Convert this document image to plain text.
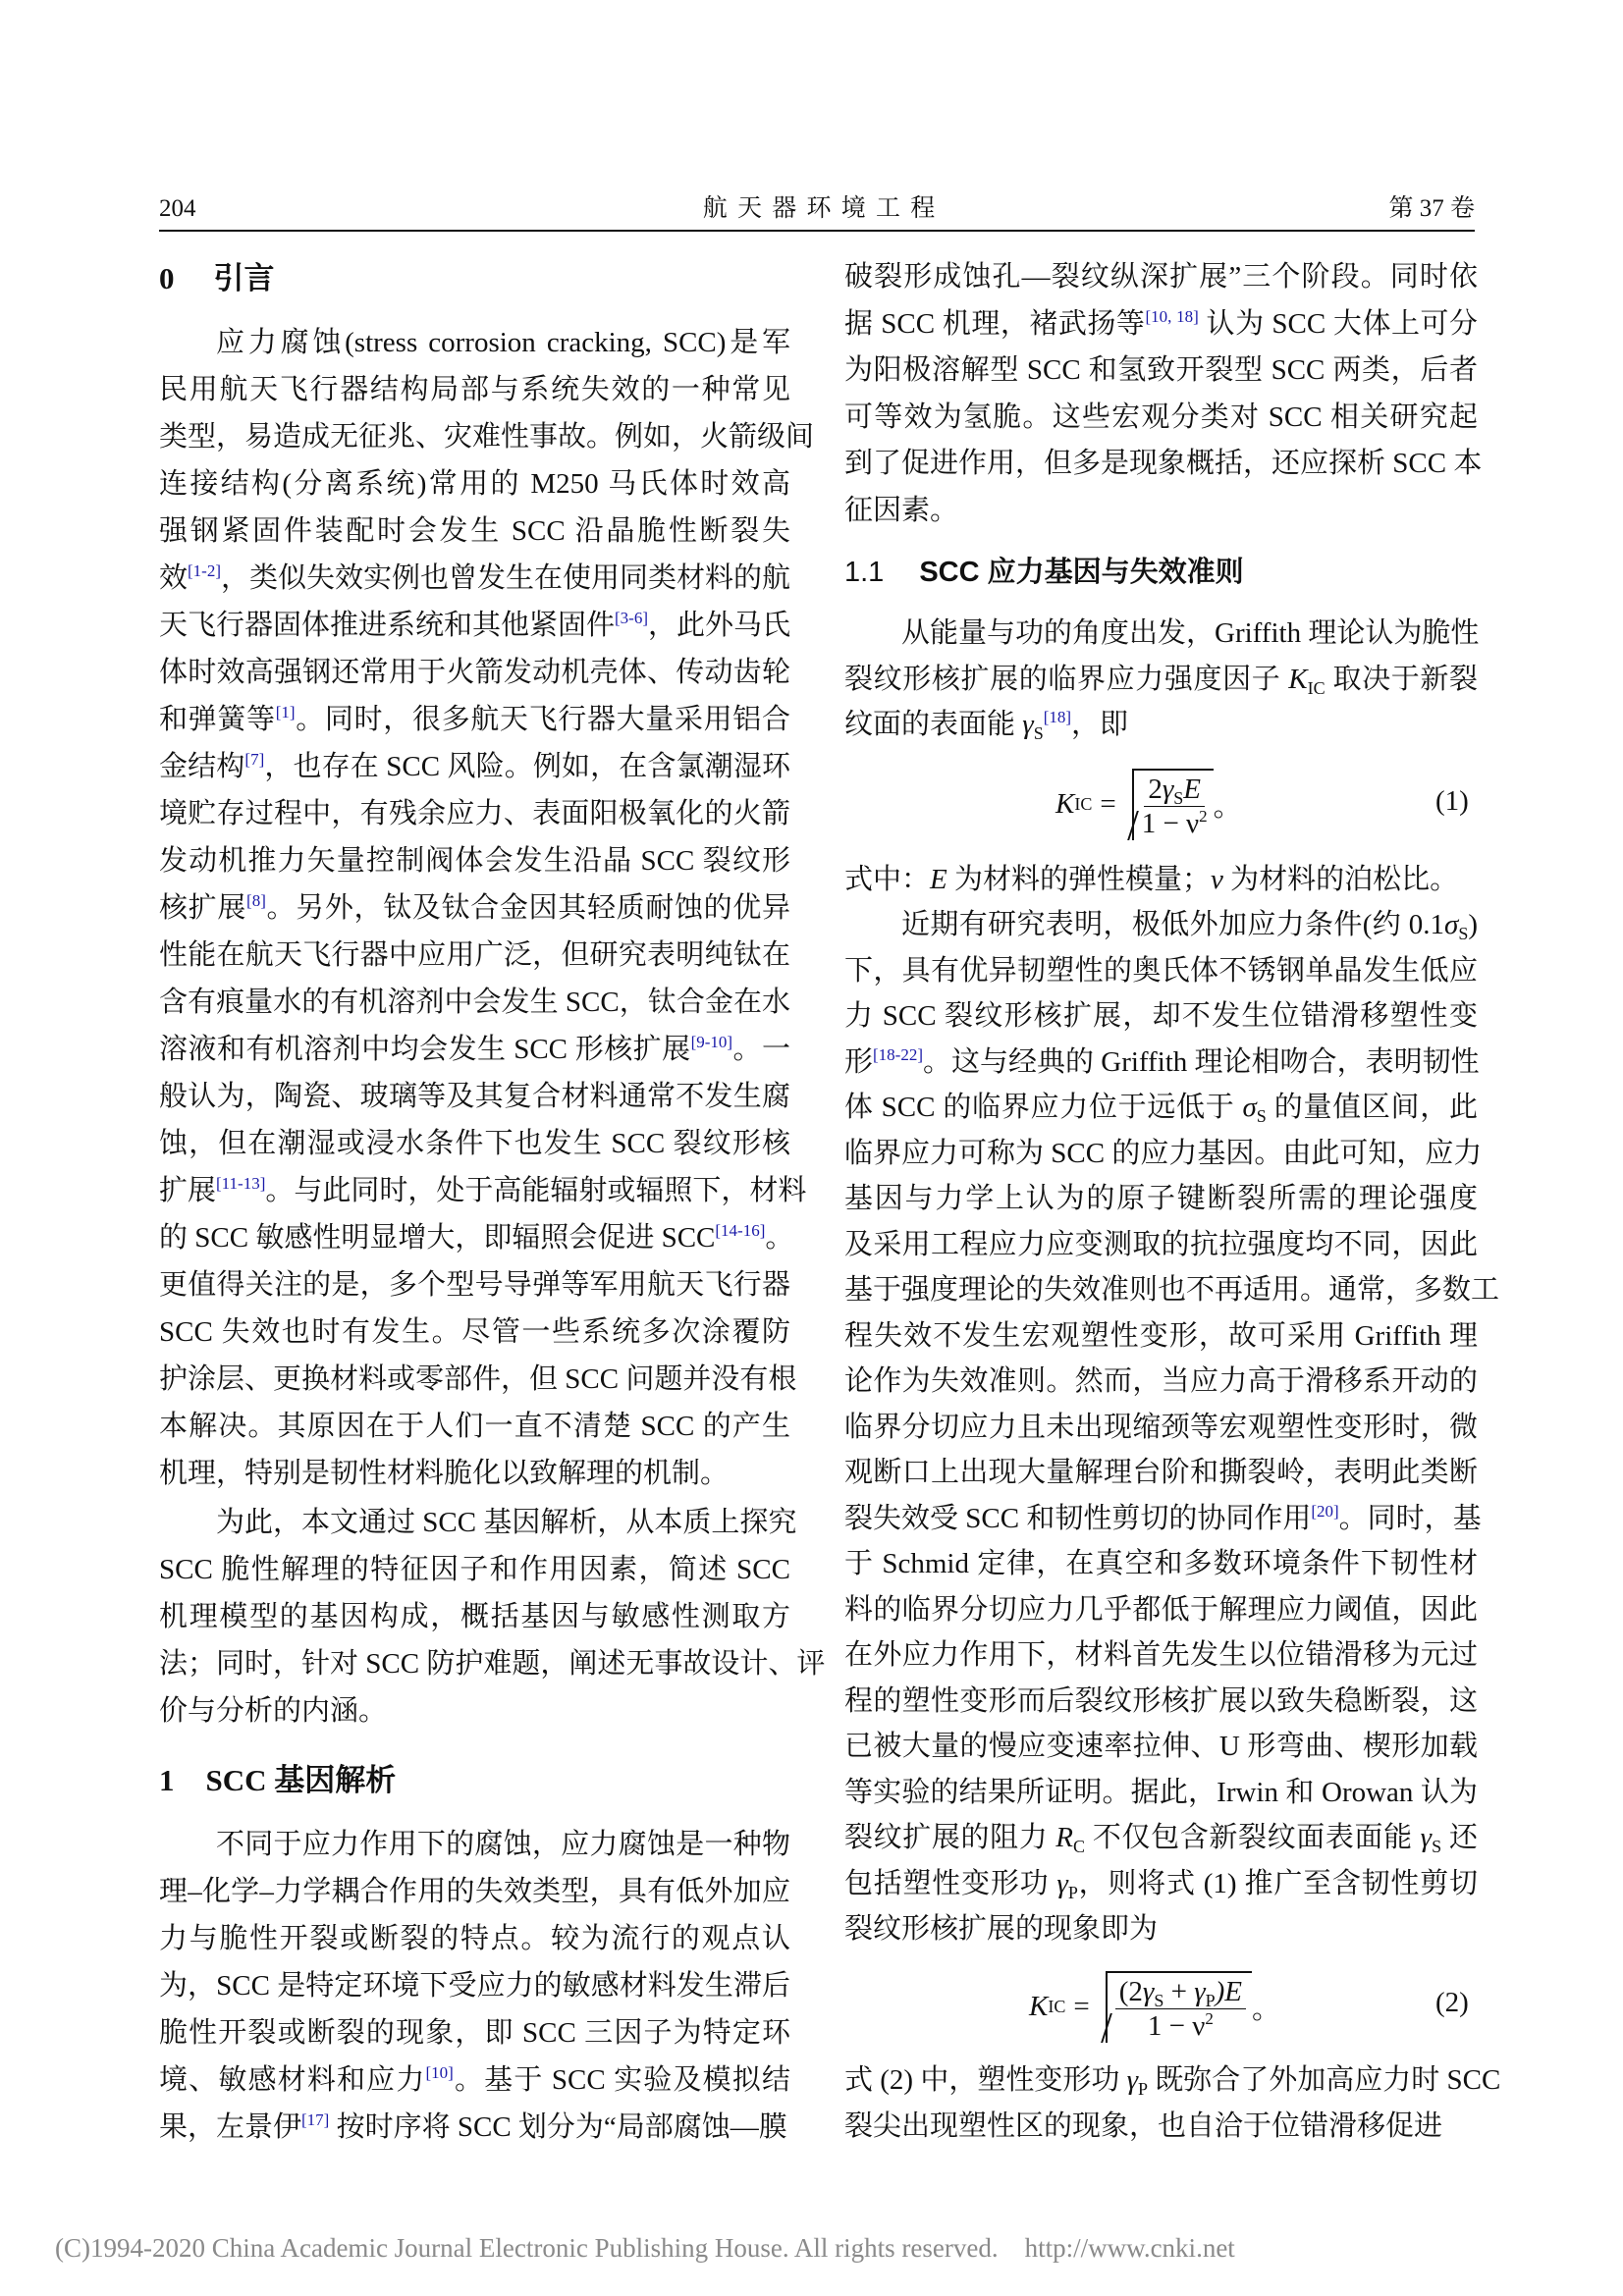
204	航 天 器 环 境 工 程	第 37 卷
0 引言
应力腐蚀(stress corrosion cracking, SCC)是军
民用航天飞行器结构局部与系统失效的一种常见
类型，易造成无征兆、灾难性事故。例如，火箭级间
连接结构(分离系统)常用的 M250 马氏体时效高
强钢紧固件装配时会发生 SCC 沿晶脆性断裂失
效[1-2]，类似失效实例也曾发生在使用同类材料的航
天飞行器固体推进系统和其他紧固件[3-6]，此外马氏
体时效高强钢还常用于火箭发动机壳体、传动齿轮
和弹簧等[1]。同时，很多航天飞行器大量采用铝合
金结构[7]，也存在 SCC 风险。例如，在含氯潮湿环
境贮存过程中，有残余应力、表面阳极氧化的火箭
发动机推力矢量控制阀体会发生沿晶 SCC 裂纹形
核扩展[8]。另外，钛及钛合金因其轻质耐蚀的优异
性能在航天飞行器中应用广泛，但研究表明纯钛在
含有痕量水的有机溶剂中会发生 SCC，钛合金在水
溶液和有机溶剂中均会发生 SCC 形核扩展[9-10]。一
般认为，陶瓷、玻璃等及其复合材料通常不发生腐
蚀，但在潮湿或浸水条件下也发生 SCC 裂纹形核
扩展[11-13]。与此同时，处于高能辐射或辐照下，材料
的 SCC 敏感性明显增大，即辐照会促进 SCC[14-16]。
更值得关注的是，多个型号导弹等军用航天飞行器
SCC 失效也时有发生。尽管一些系统多次涂覆防
护涂层、更换材料或零部件，但 SCC 问题并没有根
本解决。其原因在于人们一直不清楚 SCC 的产生
机理，特别是韧性材料脆化以致解理的机制。
为此，本文通过 SCC 基因解析，从本质上探究
SCC 脆性解理的特征因子和作用因素，简述 SCC
机理模型的基因构成，概括基因与敏感性测取方
法；同时，针对 SCC 防护难题，阐述无事故设计、评
价与分析的内涵。
1 SCC 基因解析
不同于应力作用下的腐蚀，应力腐蚀是一种物
理–化学–力学耦合作用的失效类型，具有低外加应
力与脆性开裂或断裂的特点。较为流行的观点认
为，SCC 是特定环境下受应力的敏感材料发生滞后
脆性开裂或断裂的现象，即 SCC 三因子为特定环
境、敏感材料和应力[10]。基于 SCC 实验及模拟结
果，左景伊[17] 按时序将 SCC 划分为“局部腐蚀—膜
破裂形成蚀孔—裂纹纵深扩展”三个阶段。同时依
据 SCC 机理，褚武扬等[10, 18] 认为 SCC 大体上可分
为阳极溶解型 SCC 和氢致开裂型 SCC 两类，后者
可等效为氢脆。这些宏观分类对 SCC 相关研究起
到了促进作用，但多是现象概括，还应探析 SCC 本
征因素。
1.1 SCC 应力基因与失效准则
从能量与功的角度出发，Griffith 理论认为脆性
裂纹形核扩展的临界应力强度因子 $K_{IC}$ 取决于新裂
纹面的表面能 $\gamma_S[18]$，即
K IC = $\frac{2\gamma_SE}{1 - \nu^2}$ 。	(1)
式中：E 为材料的弹性模量；ν 为材料的泊松比。
近期有研究表明，极低外加应力条件(约 $0.1\sigma_S$)
下，具有优异韧塑性的奥氏体不锈钢单晶发生低应
力 SCC 裂纹形核扩展，却不发生位错滑移塑性变
形[18-22]。这与经典的 Griffith 理论相吻合，表明韧性
体 SCC 的临界应力位于远低于 $\sigma_S$ 的量值区间，此
临界应力可称为 SCC 的应力基因。由此可知，应力
基因与力学上认为的原子键断裂所需的理论强度
及采用工程应力应变测取的抗拉强度均不同，因此
基于强度理论的失效准则也不再适用。通常，多数工
程失效不发生宏观塑性变形，故可采用 Griffith 理
论作为失效准则。然而，当应力高于滑移系开动的
临界分切应力且未出现缩颈等宏观塑性变形时，微
观断口上出现大量解理台阶和撕裂岭，表明此类断
裂失效受 SCC 和韧性剪切的协同作用[20]。同时，基
于 Schmid 定律，在真空和多数环境条件下韧性材
料的临界分切应力几乎都低于解理应力阈值，因此
在外应力作用下，材料首先发生以位错滑移为元过
程的塑性变形而后裂纹形核扩展以致失稳断裂，这
已被大量的慢应变速率拉伸、U 形弯曲、楔形加载
等实验的结果所证明。据此，Irwin 和 Orowan 认为
裂纹扩展的阻力 $R_C$ 不仅包含新裂纹面表面能 $\gamma_S$ 还
包括塑性变形功 $\gamma_P$，则将式 (1) 推广至含韧性剪切
裂纹形核扩展的现象即为
K IC = $\frac{(2\gamma_S + \gamma_P)E}{1 - \nu^2}$ 。	(2)
式 (2) 中，塑性变形功 $\gamma_P$ 既弥合了外加高应力时 SCC
裂尖出现塑性区的现象，也自洽于位错滑移促进
(C)1994-2020 China Academic Journal Electronic Publishing House. All rights reserved. http://www.cnki.net
